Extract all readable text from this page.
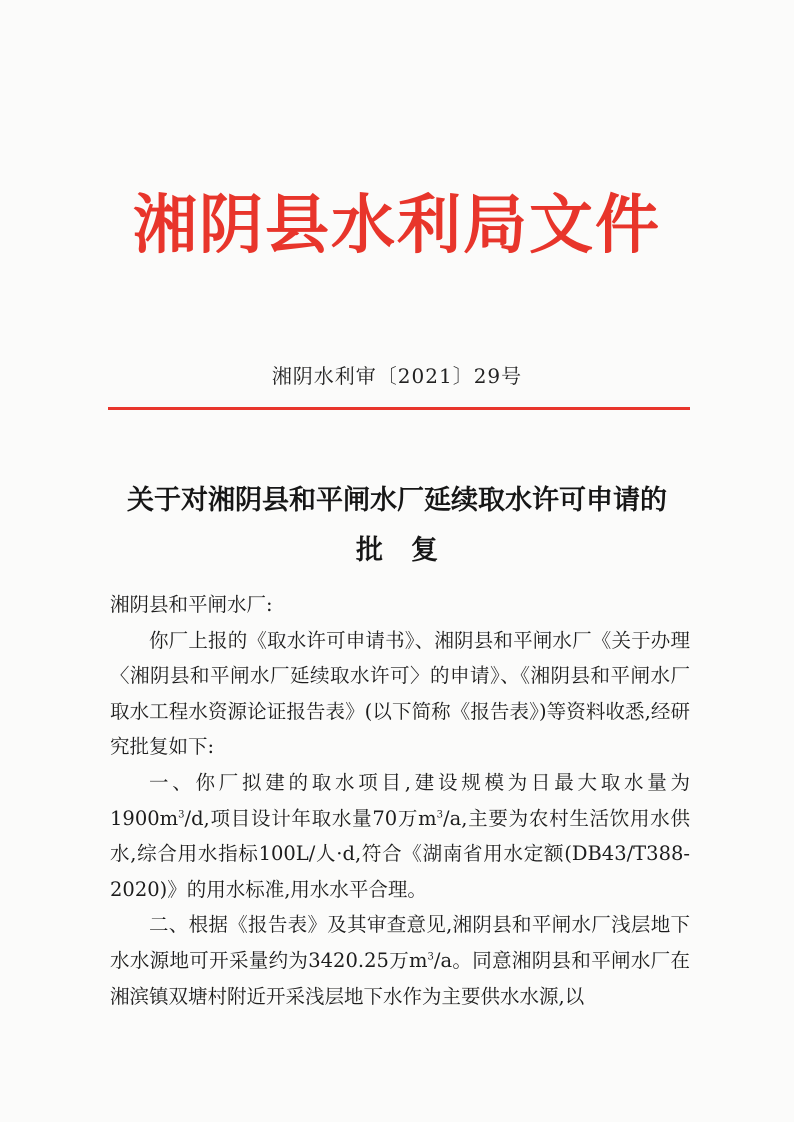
湘阴县水利局文件
湘阴水利审〔2021〕29号
关于对湘阴县和平闸水厂延续取水许可申请的
批复

湘阴县和平闸水厂:

你厂上报的《取水许可申请书》、湘阴县和平闸水厂《关于办理〈湘阴县和平闸水厂延续取水许可〉的申请》、《湘阴县和平闸水厂取水工程水资源论证报告表》(以下简称《报告表》)等资料收悉,经研究批复如下:

一、你厂拟建的取水项目,建设规模为日最大取水量为$1900m^3/d$,项目设计年取水量70万$m^3/a$,主要为农村生活饮用水供水,综合用水指标100L/人·d,符合《湖南省用水定额(DB43/T388-2020)》的用水标准,用水水平合理。

二、根据《报告表》及其审查意见,湘阴县和平闸水厂浅层地下水水源地可开采量约为3420.25万$m^3/a$。同意湘阴县和平闸水厂在湘滨镇双塘村附近开采浅层地下水作为主要供水水源,以
